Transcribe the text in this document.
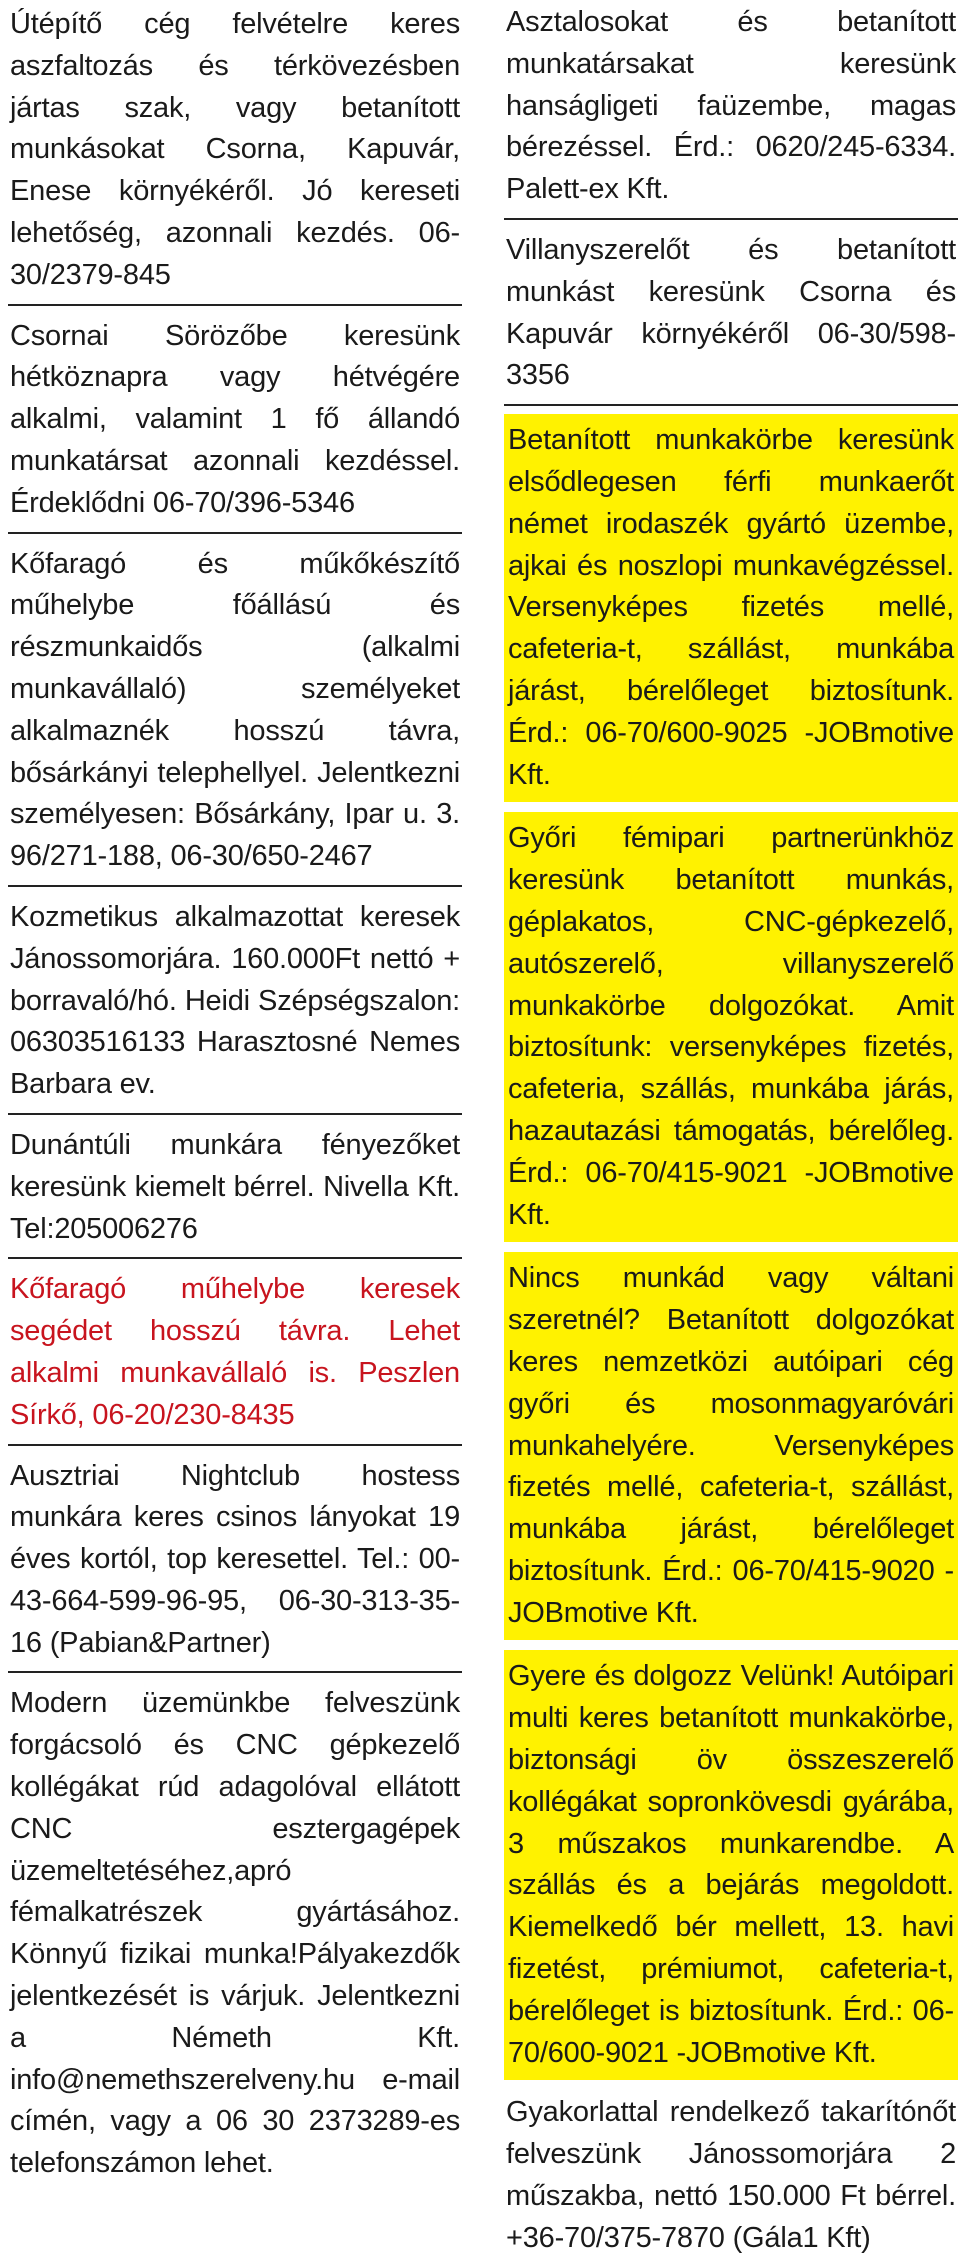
Útépítő cég felvételre keres aszfaltozás és térkövezésben jártas szak, vagy betanított munkásokat Csorna, Kapuvár, Enese környékéről. Jó kereseti lehetőség, azonnali kezdés. 06-30/2379-845
Csornai Sörözőbe keresünk hétköznapra vagy hétvégére alkalmi, valamint 1 fő állandó munkatársat azonnali kezdéssel. Érdeklődni 06-70/396-5346
Kőfaragó és műkőkészítő műhelybe főállású és részmunkaidős (alkalmi munkavállaló) személyeket alkalmaznék hosszú távra, bősárkányi telephellyel. Jelentkezni személyesen: Bősárkány, Ipar u. 3. 96/271-188, 06-30/650-2467
Kozmetikus alkalmazottat keresek Jánossomorjára. 160.000Ft nettó + borravaló/hó. Heidi Szépségszalon: 06303516133 Harasztosné Nemes Barbara ev.
Dunántúli munkára fényezőket keresünk kiemelt bérrel. Nivella Kft. Tel:205006276
Kőfaragó műhelybe keresek segédet hosszú távra. Lehet alkalmi munkavállaló is. Peszlen Sírkő, 06-20/230-8435
Ausztriai Nightclub hostess munkára keres csinos lányokat 19 éves kortól, top keresettel. Tel.: 00-43-664-599-96-95, 06-30-313-35-16 (Pabian&Partner)
Modern üzemünkbe felveszünk forgácsoló és CNC gépkezelő kollégákat rúd adagolóval ellátott CNC esztergagépek üzemeltetéséhez,apró fémalkatrészek gyártásához. Könnyű fizikai munka!Pályakezdők jelentkezését is várjuk. Jelentkezni a Németh Kft. info@nemethszerelveny.hu e-mail címén, vagy a 06 30 2373289-es telefonszámon lehet.
Asztalosokat és betanított munkatársakat keresünk hanságligeti faüzembe, magas bérezéssel. Érd.: 0620/245-6334. Palett-ex Kft.
Villanyszerelőt és betanított munkást keresünk Csorna és Kapuvár környékéről 06-30/598-3356
Betanított munkakörbe keresünk elsődlegesen férfi munkaerőt német irodaszék gyártó üzembe, ajkai és noszlopi munkavégzéssel. Versenyképes fizetés mellé, cafeteria-t, szállást, munkába járást, bérelőleget biztosítunk. Érd.: 06-70/600-9025 -JOBmotive Kft.
Győri fémipari partnerünkhöz keresünk betanított munkás, géplakatos, CNC-gépkezelő, autószerelő, villanyszerelő munkakörbe dolgozókat. Amit biztosítunk: versenyképes fizetés, cafeteria, szállás, munkába járás, hazautazási támogatás, bérelőleg. Érd.: 06-70/415-9021 -JOBmotive Kft.
Nincs munkád vagy váltani szeretnél? Betanított dolgozókat keres nemzetközi autóipari cég győri és mosonmagyaróvári munkahelyére. Versenyképes fizetés mellé, cafeteria-t, szállást, munkába járást, bérelőleget biztosítunk. Érd.: 06-70/415-9020 -JOBmotive Kft.
Gyere és dolgozz Velünk! Autóipari multi keres betanított munkakörbe, biztonsági öv összeszerelő kollégákat sopronkövesdi gyárába, 3 műszakos munkarendbe. A szállás és a bejárás megoldott. Kiemelkedő bér mellett, 13. havi fizetést, prémiumot, cafeteria-t, bérelőleget is biztosítunk. Érd.: 06-70/600-9021 -JOBmotive Kft.
Gyakorlattal rendelkező takarítónőt felveszünk Jánossomorjára 2 műszakba, nettó 150.000 Ft bérrel. +36-70/375-7870 (Gála1 Kft)
